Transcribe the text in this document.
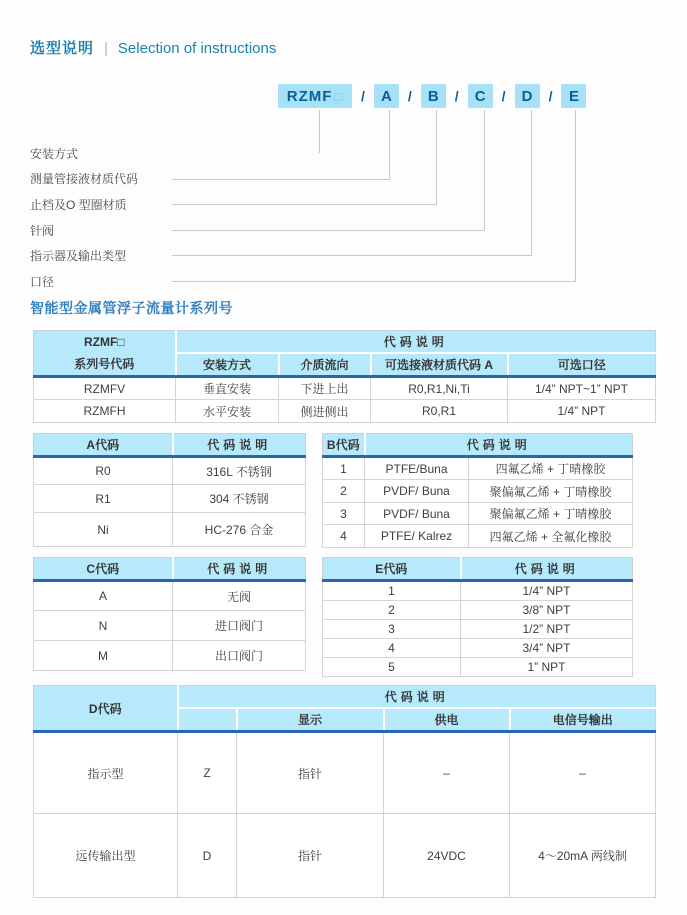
选型说明 | Selection of instructions
RZMF □ /	A	/	B	/	C	/	D	/	E
安装方式
测量管接液材质代码
止档及O 型圈材质
针阀
指示器及输出类型
口径
智能型金属管浮子流量计系列号
RZMF□
系列号代码	代码说明			
	安装方式	介质流向	可选接液材质代码 A	可选口径
RZMFV	垂直安装	下进上出	R0,R1,Ni,Ti	1/4” NPT~1” NPT
RZMFH	水平安装	侧进侧出	R0,R1	1/4” NPT
A代码	代码说明
R0	316L 不锈钢
R1	304 不锈钢
Ni	HC-276 合金
B代码	代码说明	
1	PTFE/Buna	四氟乙烯 + 丁晴橡胶
2	PVDF/ Buna	聚偏氟乙烯 + 丁晴橡胶
3	PVDF/ Buna	聚偏氟乙烯 + 丁晴橡胶
4	PTFE/ Kalrez	四氟乙烯 + 全氟化橡胶
C代码	代码说明
A	无阀
N	进口阀门
M	出口阀门
E代码	代码说明
1	1/4” NPT
2	3/8” NPT
3	1/2” NPT
4	3/4” NPT
5	1” NPT
D代码	代码说明			
		显示	供电	电信号输出
指示型	Z	指针	–	–
远传输出型	D	指针	24VDC	4～20mA 两线制
